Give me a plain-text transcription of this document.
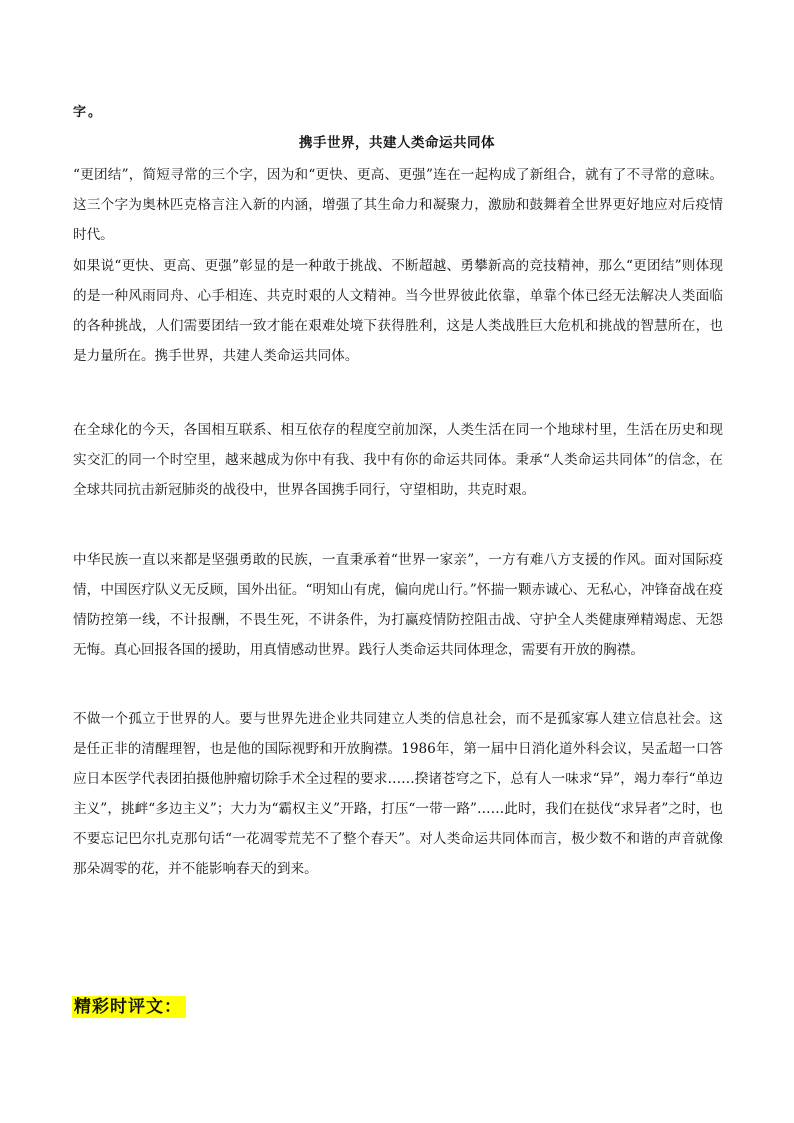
字。
携手世界，共建人类命运共同体

“更团结”，简短寻常的三个字，因为和“更快、更高、更强”连在一起构成了新组合，就有了不寻常的意味。这三个字为奥林匹克格言注入新的内涵，增强了其生命力和凝聚力，激励和鼓舞着全世界更好地应对后疫情时代。

如果说“更快、更高、更强”彰显的是一种敢于挑战、不断超越、勇攀新高的竞技精神，那么“更团结”则体现的是一种风雨同舟、心手相连、共克时艰的人文精神。当今世界彼此依靠，单靠个体已经无法解决人类面临的各种挑战，人们需要团结一致才能在艰难处境下获得胜利，这是人类战胜巨大危机和挑战的智慧所在，也是力量所在。携手世界，共建人类命运共同体。

在全球化的今天，各国相互联系、相互依存的程度空前加深，人类生活在同一个地球村里，生活在历史和现实交汇的同一个时空里，越来越成为你中有我、我中有你的命运共同体。秉承“人类命运共同体”的信念，在全球共同抗击新冠肺炎的战役中，世界各国携手同行，守望相助，共克时艰。

中华民族一直以来都是坚强勇敢的民族，一直秉承着“世界一家亲”，一方有难八方支援的作风。面对国际疫情，中国医疗队义无反顾，国外出征。“明知山有虎，偏向虎山行。”怀揣一颗赤诚心、无私心，冲锋奋战在疫情防控第一线，不计报酬，不畏生死，不讲条件，为打赢疫情防控阻击战、守护全人类健康殚精竭虑、无怨无悔。真心回报各国的援助，用真情感动世界。践行人类命运共同体理念，需要有开放的胸襟。

不做一个孤立于世界的人。要与世界先进企业共同建立人类的信息社会，而不是孤家寡人建立信息社会。这是任正非的清醒理智，也是他的国际视野和开放胸襟。1986年，第一届中日消化道外科会议，吴孟超一口答应日本医学代表团拍摄他肿瘤切除手术全过程的要求……揆诸苍穹之下，总有人一味求“异”，竭力奉行“单边主义”，挑衅“多边主义”；大力为“霸权主义”开路，打压“一带一路”……此时，我们在挞伐“求异者”之时，也不要忘记巴尔扎克那句话“一花凋零荒芜不了整个春天”。对人类命运共同体而言，极少数不和谐的声音就像那朵凋零的花，并不能影响春天的到来。

精彩时评文：
